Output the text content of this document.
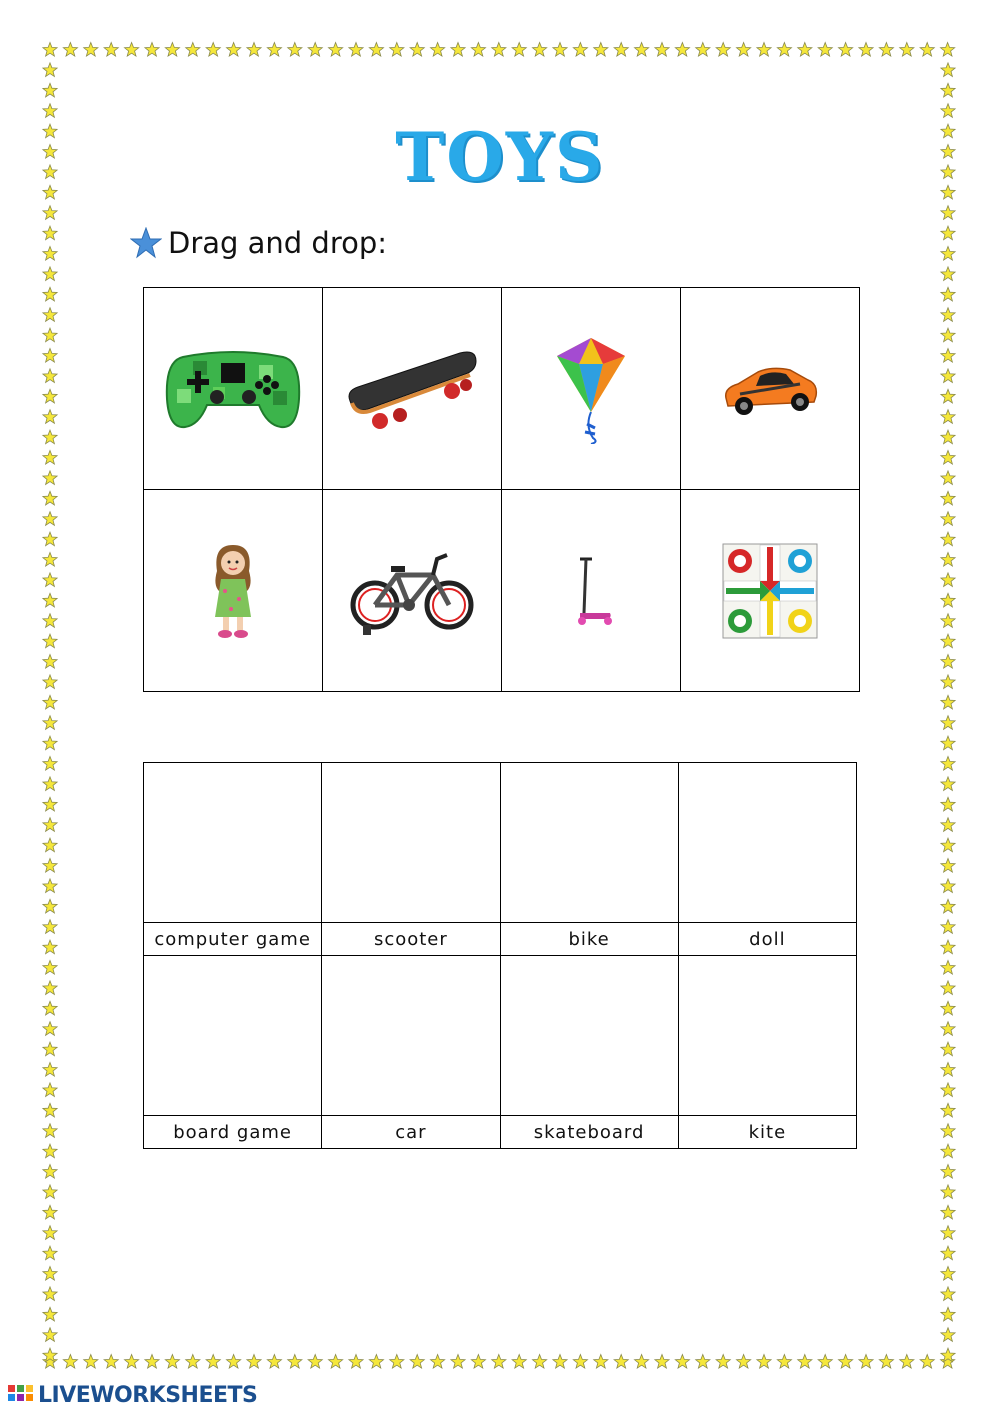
TOYS
Drag and drop:

computer game	scooter	bike	doll

board game	car	skateboard	kite
LIVEWORKSHEETS
